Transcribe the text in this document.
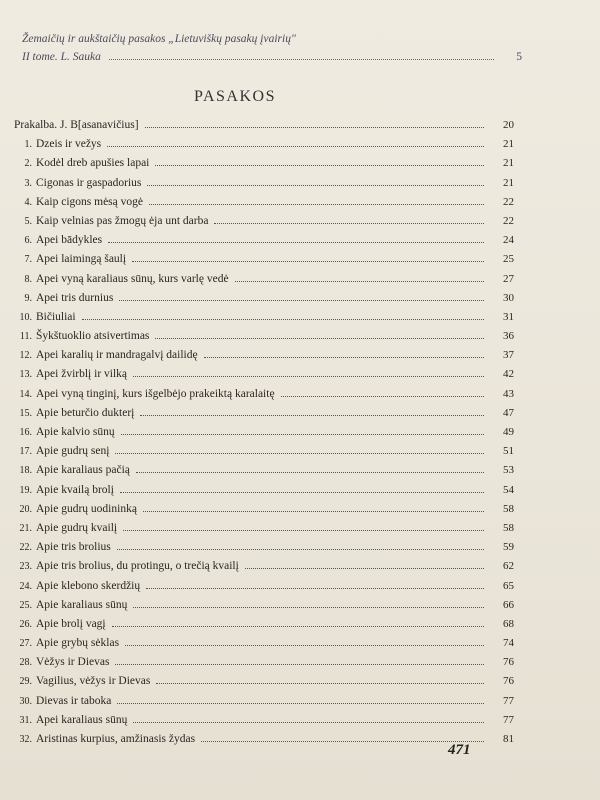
Žemaičių ir aukštaičių pasakos „Lietuviškų pasakų įvairių"
II tome. L. Sauka	5
PASAKOS
Prakalba. J. B[asanavičius]	20
1. Dzeis ir vežys	21
2. Kodėl dreb apušies lapai	21
3. Cigonas ir gaspadorius	21
4. Kaip cigons mėsą vogė	22
5. Kaip velnias pas žmogų ėja unt darba	22
6. Apei bādykles	24
7. Apei laimingą šaulį	25
8. Apei vyną karaliaus sūnų, kurs varlę vedė	27
9. Apei tris durnius	30
10. Bičiuliai	31
11. Šykštuoklio atsivertimas	36
12. Apei karalių ir mandragalvį dailidę	37
13. Apei žvirblį ir vilką	42
14. Apei vyną tinginį, kurs išgelbėjo prakeiktą karalaitę	43
15. Apie beturčio dukterį	47
16. Apie kalvio sūnų	49
17. Apie gudrų senį	51
18. Apie karaliaus pačią	53
19. Apie kvailą brolį	54
20. Apie gudrų uodininką	58
21. Apie gudrų kvailį	58
22. Apie tris brolius	59
23. Apie tris brolius, du protingu, o trečią kvailį	62
24. Apie klebono skerdžių	65
25. Apie karaliaus sūnų	66
26. Apie brolį vagį	68
27. Apie grybų sėklas	74
28. Vėžys ir Dievas	76
29. Vagilius, vėžys ir Dievas	76
30. Dievas ir taboka	77
31. Apei karaliaus sūnų	77
32. Aristinas kurpius, amžinasis žydas	81
471
